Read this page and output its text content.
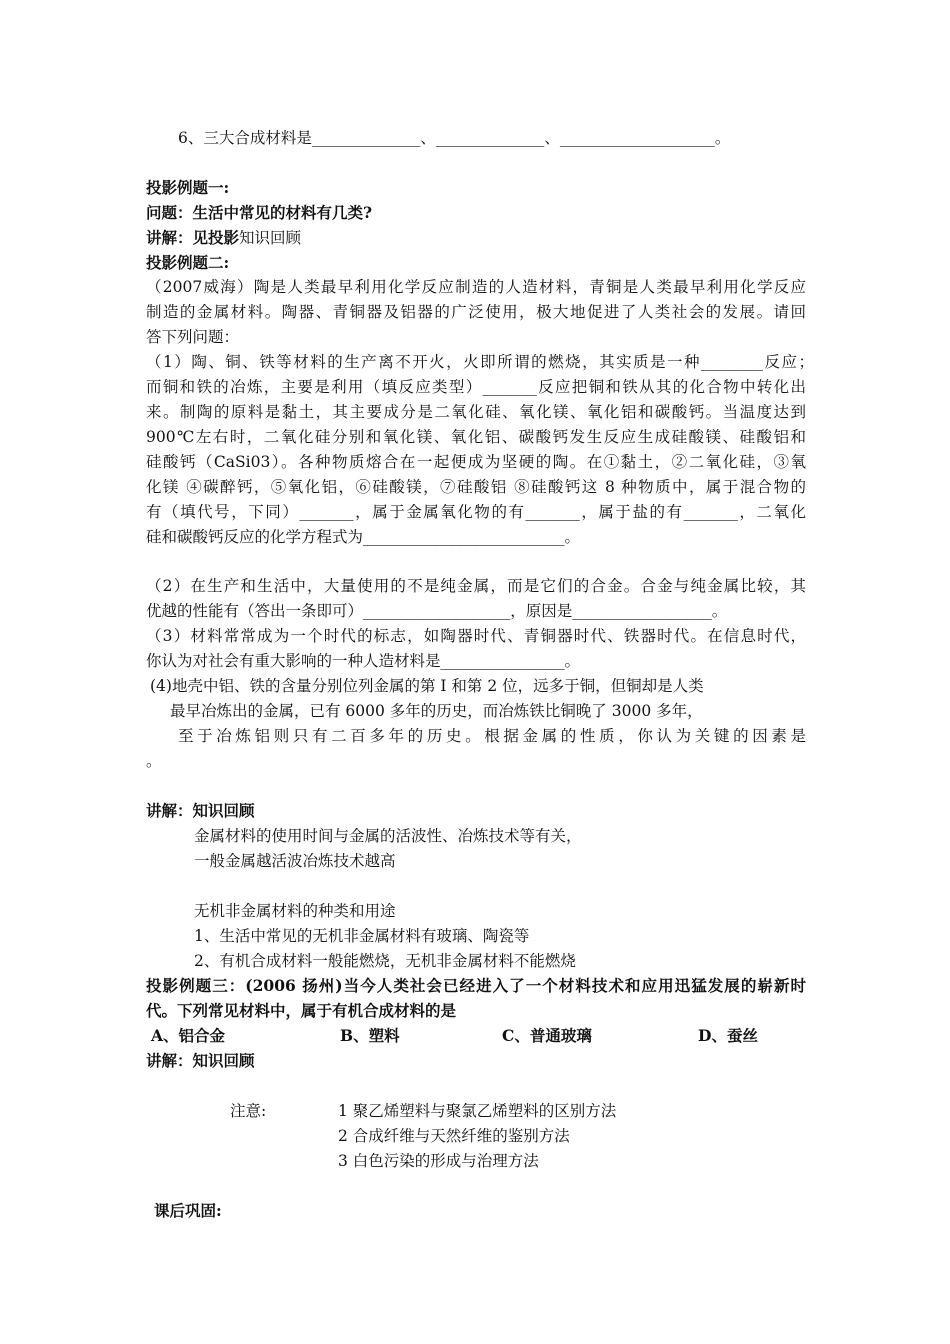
6、三大合成材料是______________、______________、____________________。
投影例题一:
问题：生活中常见的材料有几类?
讲解：见投影知识回顾
投影例题二:
（2007威海）陶是人类最早利用化学反应制造的人造材料，青铜是人类最早利用化学反应
制造的金属材料。陶器、青铜器及铝器的广泛使用，极大地促进了人类社会的发展。请回
答下列问题：
（1）陶、铜、铁等材料的生产离不开火，火即所谓的燃烧，其实质是一种________反应；
而铜和铁的冶炼，主要是利用（填反应类型）_______反应把铜和铁从其的化合物中转化出
来。制陶的原料是黏土，其主要成分是二氧化硅、氧化镁、氧化铝和碳酸钙。当温度达到
900℃左右时，二氧化硅分别和氧化镁、氧化铝、碳酸钙发生反应生成硅酸镁、硅酸铝和
硅酸钙（CaSi03）。各种物质熔合在一起便成为坚硬的陶。在①黏土，②二氧化硅，③氧
化镁 ④碳醉钙，⑤氧化铝，⑥硅酸镁，⑦硅酸铝 ⑧硅酸钙这 8 种物质中，属于混合物的
有（填代号，下同）_______，属于金属氧化物的有_______，属于盐的有_______，二氧化
硅和碳酸钙反应的化学方程式为__________________________。
（2）在生产和生活中，大量使用的不是纯金属，而是它们的合金。合金与纯金属比较，其
优越的性能有（答出一条即可）___________________，原因是__________________。
（3）材料常常成为一个时代的标志，如陶器时代、青铜器时代、铁器时代。在信息时代，
你认为对社会有重大影响的一种人造材料是________________。
(4)地壳中铝、铁的含量分别位列金属的第 I 和第 2 位，远多于铜，但铜却是人类
最早冶炼出的金属，已有 6000 多年的历史，而冶炼铁比铜晚了 3000 多年，
至于冶炼铝则只有二百多年的历史。根据金属的性质，你认为关键的因素是
。
讲解：知识回顾
金属材料的使用时间与金属的活波性、冶炼技术等有关，
一般金属越活波冶炼技术越高
无机非金属材料的种类和用途
1、生活中常见的无机非金属材料有玻璃、陶瓷等
2、有机合成材料一般能燃烧，无机非金属材料不能燃烧
投影例题三：(2006 扬州)当今人类社会已经进入了一个材料技术和应用迅猛发展的崭新时
代。下列常见材料中，属于有机合成材料的是
A、铝合金	B、塑料	C、普通玻璃	D、蚕丝
讲解：知识回顾
注意:	1 聚乙烯塑料与聚氯乙烯塑料的区别方法
2 合成纤维与天然纤维的鉴别方法
3 白色污染的形成与治理方法
课后巩固:
